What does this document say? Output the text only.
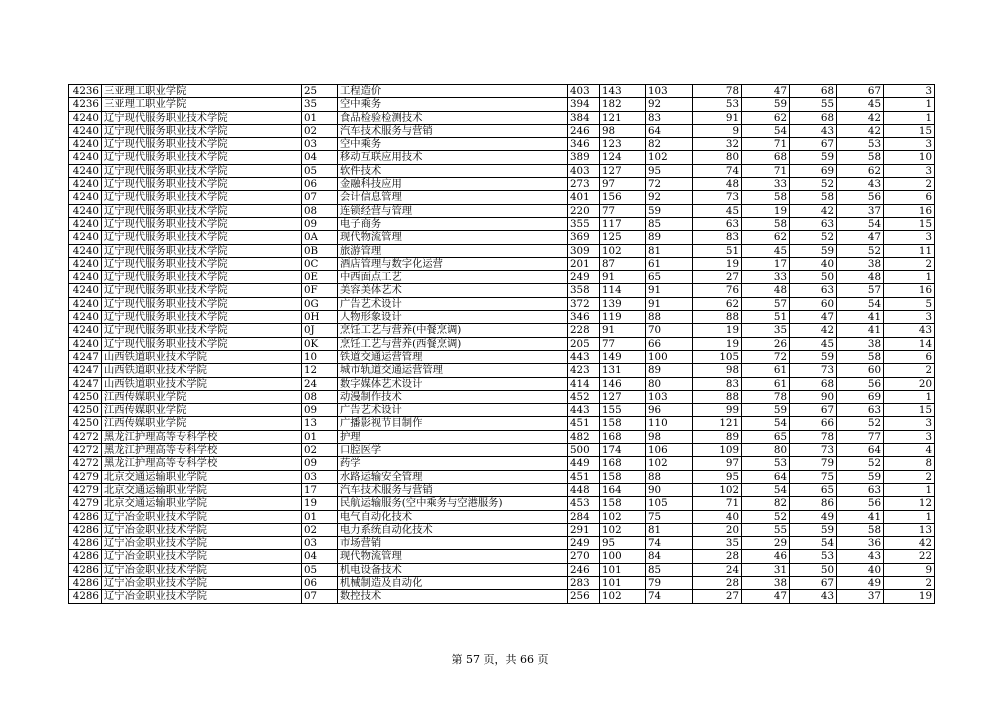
4236	三亚理工职业学院	25	工程造价	403	143	103	78	47	68	67	3
4236	三亚理工职业学院	35	空中乘务	394	182	92	53	59	55	45	1
4240	辽宁现代服务职业技术学院	01	食品检验检测技术	384	121	83	91	62	68	42	1
4240	辽宁现代服务职业技术学院	02	汽车技术服务与营销	246	98	64	9	54	43	42	15
4240	辽宁现代服务职业技术学院	03	空中乘务	346	123	82	32	71	67	53	3
4240	辽宁现代服务职业技术学院	04	移动互联应用技术	389	124	102	80	68	59	58	10
4240	辽宁现代服务职业技术学院	05	软件技术	403	127	95	74	71	69	62	3
4240	辽宁现代服务职业技术学院	06	金融科技应用	273	97	72	48	33	52	43	2
4240	辽宁现代服务职业技术学院	07	会计信息管理	401	156	92	73	58	58	56	6
4240	辽宁现代服务职业技术学院	08	连锁经营与管理	220	77	59	45	19	42	37	16
4240	辽宁现代服务职业技术学院	09	电子商务	355	117	85	63	58	63	54	15
4240	辽宁现代服务职业技术学院	0A	现代物流管理	369	125	89	83	62	52	47	3
4240	辽宁现代服务职业技术学院	0B	旅游管理	309	102	81	51	45	59	52	11
4240	辽宁现代服务职业技术学院	0C	酒店管理与数字化运营	201	87	61	19	17	40	38	2
4240	辽宁现代服务职业技术学院	0E	中西面点工艺	249	91	65	27	33	50	48	1
4240	辽宁现代服务职业技术学院	0F	美容美体艺术	358	114	91	76	48	63	57	16
4240	辽宁现代服务职业技术学院	0G	广告艺术设计	372	139	91	62	57	60	54	5
4240	辽宁现代服务职业技术学院	0H	人物形象设计	346	119	88	88	51	47	41	3
4240	辽宁现代服务职业技术学院	0J	烹饪工艺与营养(中餐烹调)	228	91	70	19	35	42	41	43
4240	辽宁现代服务职业技术学院	0K	烹饪工艺与营养(西餐烹调)	205	77	66	19	26	45	38	14
4247	山西铁道职业技术学院	10	铁道交通运营管理	443	149	100	105	72	59	58	6
4247	山西铁道职业技术学院	12	城市轨道交通运营管理	423	131	89	98	61	73	60	2
4247	山西铁道职业技术学院	24	数字媒体艺术设计	414	146	80	83	61	68	56	20
4250	江西传媒职业学院	08	动漫制作技术	452	127	103	88	78	90	69	1
4250	江西传媒职业学院	09	广告艺术设计	443	155	96	99	59	67	63	15
4250	江西传媒职业学院	13	广播影视节目制作	451	158	110	121	54	66	52	3
4272	黑龙江护理高等专科学校	01	护理	482	168	98	89	65	78	77	3
4272	黑龙江护理高等专科学校	02	口腔医学	500	174	106	109	80	73	64	4
4272	黑龙江护理高等专科学校	09	药学	449	168	102	97	53	79	52	8
4279	北京交通运输职业学院	03	水路运输安全管理	451	158	88	95	64	75	59	2
4279	北京交通运输职业学院	17	汽车技术服务与营销	448	164	90	102	54	65	63	1
4279	北京交通运输职业学院	19	民航运输服务(空中乘务与空港服务)	453	158	105	71	82	86	56	12
4286	辽宁冶金职业技术学院	01	电气自动化技术	284	102	75	40	52	49	41	1
4286	辽宁冶金职业技术学院	02	电力系统自动化技术	291	102	81	20	55	59	58	13
4286	辽宁冶金职业技术学院	03	市场营销	249	95	74	35	29	54	36	42
4286	辽宁冶金职业技术学院	04	现代物流管理	270	100	84	28	46	53	43	22
4286	辽宁冶金职业技术学院	05	机电设备技术	246	101	85	24	31	50	40	9
4286	辽宁冶金职业技术学院	06	机械制造及自动化	283	101	79	28	38	67	49	2
4286	辽宁冶金职业技术学院	07	数控技术	256	102	74	27	47	43	37	19
第 57 页，共 66 页
